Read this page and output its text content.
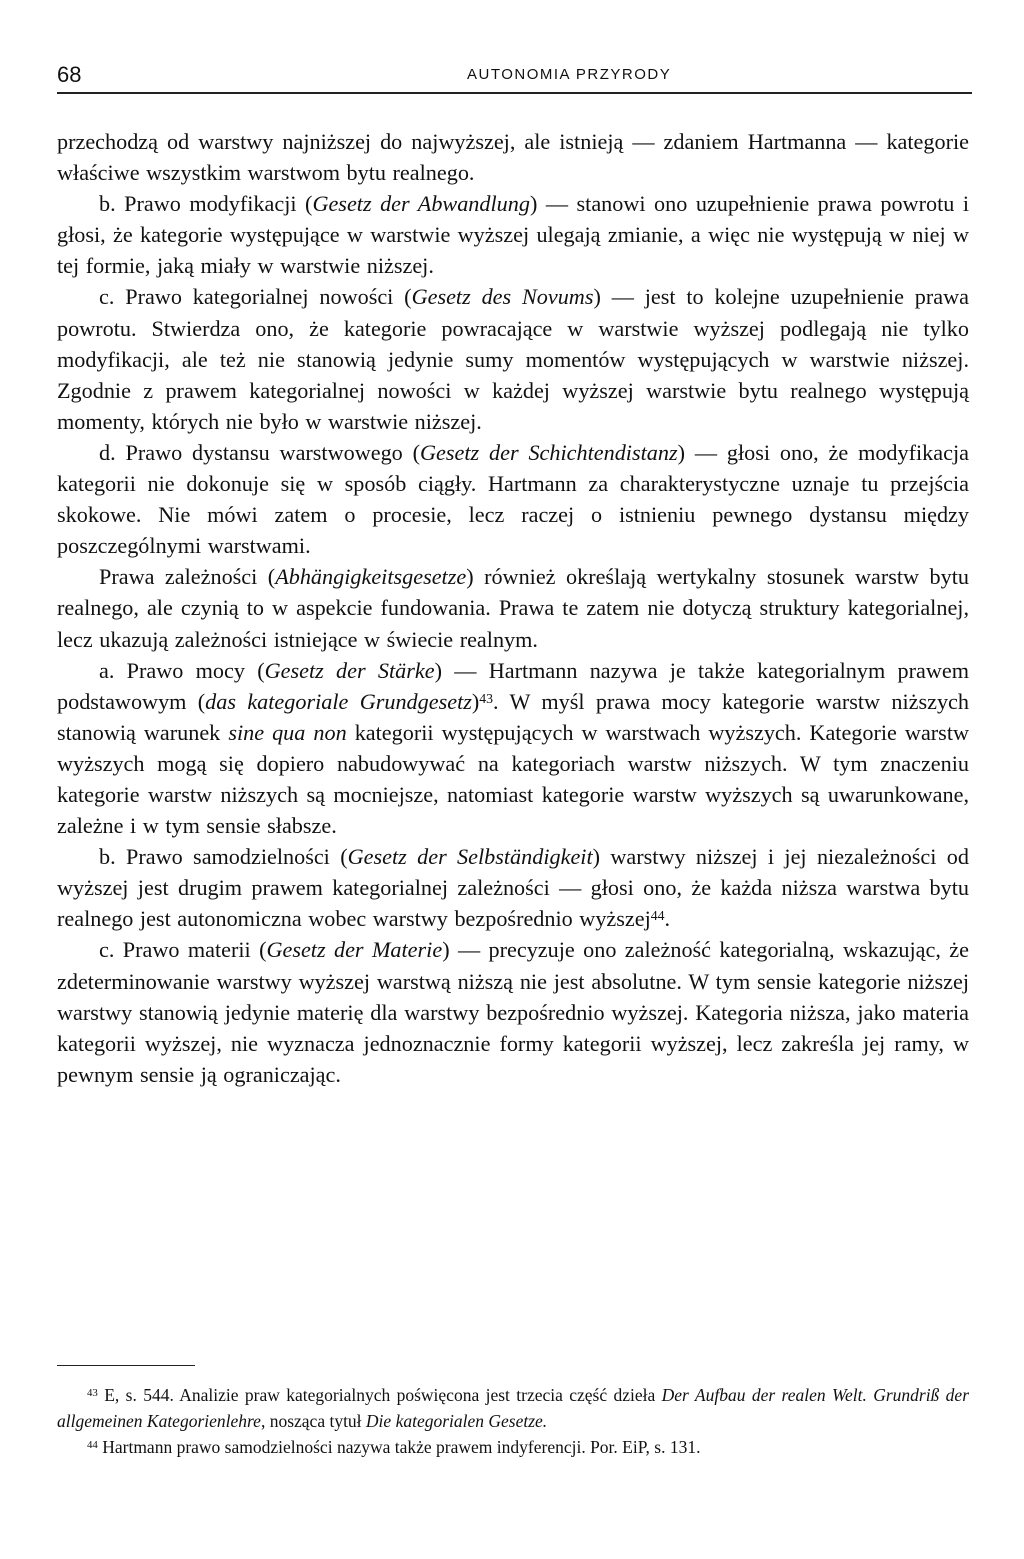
68	AUTONOMIA PRZYRODY

przechodzą od warstwy najniższej do najwyższej, ale istnieją — zdaniem Hartmanna — kategorie właściwe wszystkim warstwom bytu realnego.

b. Prawo modyfikacji (Gesetz der Abwandlung) — stanowi ono uzupełnienie prawa powrotu i głosi, że kategorie występujące w warstwie wyższej ulegają zmianie, a więc nie występują w niej w tej formie, jaką miały w warstwie niższej.

c. Prawo kategorialnej nowości (Gesetz des Novums) — jest to kolejne uzupełnienie prawa powrotu. Stwierdza ono, że kategorie powracające w warstwie wyższej podlegają nie tylko modyfikacji, ale też nie stanowią jedynie sumy momentów występujących w warstwie niższej. Zgodnie z prawem kategorialnej nowości w każdej wyższej warstwie bytu realnego występują momenty, których nie było w warstwie niższej.

d. Prawo dystansu warstwowego (Gesetz der Schichtendistanz) — głosi ono, że modyfikacja kategorii nie dokonuje się w sposób ciągły. Hartmann za charakterystyczne uznaje tu przejścia skokowe. Nie mówi zatem o procesie, lecz raczej o istnieniu pewnego dystansu między poszczególnymi warstwami.

Prawa zależności (Abhängigkeitsgesetze) również określają wertykalny stosunek warstw bytu realnego, ale czynią to w aspekcie fundowania. Prawa te zatem nie dotyczą struktury kategorialnej, lecz ukazują zależności istniejące w świecie realnym.

a. Prawo mocy (Gesetz der Stärke) — Hartmann nazywa je także kategorialnym prawem podstawowym (das kategoriale Grundgesetz)$^{43}$. W myśl prawa mocy kategorie warstw niższych stanowią warunek sine qua non kategorii występujących w warstwach wyższych. Kategorie warstw wyższych mogą się dopiero nabudowywać na kategoriach warstw niższych. W tym znaczeniu kategorie warstw niższych są mocniejsze, natomiast kategorie warstw wyższych są uwarunkowane, zależne i w tym sensie słabsze.

b. Prawo samodzielności (Gesetz der Selbständigkeit) warstwy niższej i jej niezależności od wyższej jest drugim prawem kategorialnej zależności — głosi ono, że każda niższa warstwa bytu realnego jest autonomiczna wobec warstwy bezpośrednio wyższej$^{44}$.

c. Prawo materii (Gesetz der Materie) — precyzuje ono zależność kategorialną, wskazując, że zdeterminowanie warstwy wyższej warstwą niższą nie jest absolutne. W tym sensie kategorie niższej warstwy stanowią jedynie materię dla warstwy bezpośrednio wyższej. Kategoria niższa, jako materia kategorii wyższej, nie wyznacza jednoznacznie formy kategorii wyższej, lecz zakreśla jej ramy, w pewnym sensie ją ograniczając.

$^{43}$ E, s. 544. Analizie praw kategorialnych poświęcona jest trzecia część dzieła Der Aufbau der realen Welt. Grundriß der allgemeinen Kategorienlehre, nosząca tytuł Die kategorialen Gesetze.

$^{44}$ Hartmann prawo samodzielności nazywa także prawem indyferencji. Por. EiP, s. 131.
